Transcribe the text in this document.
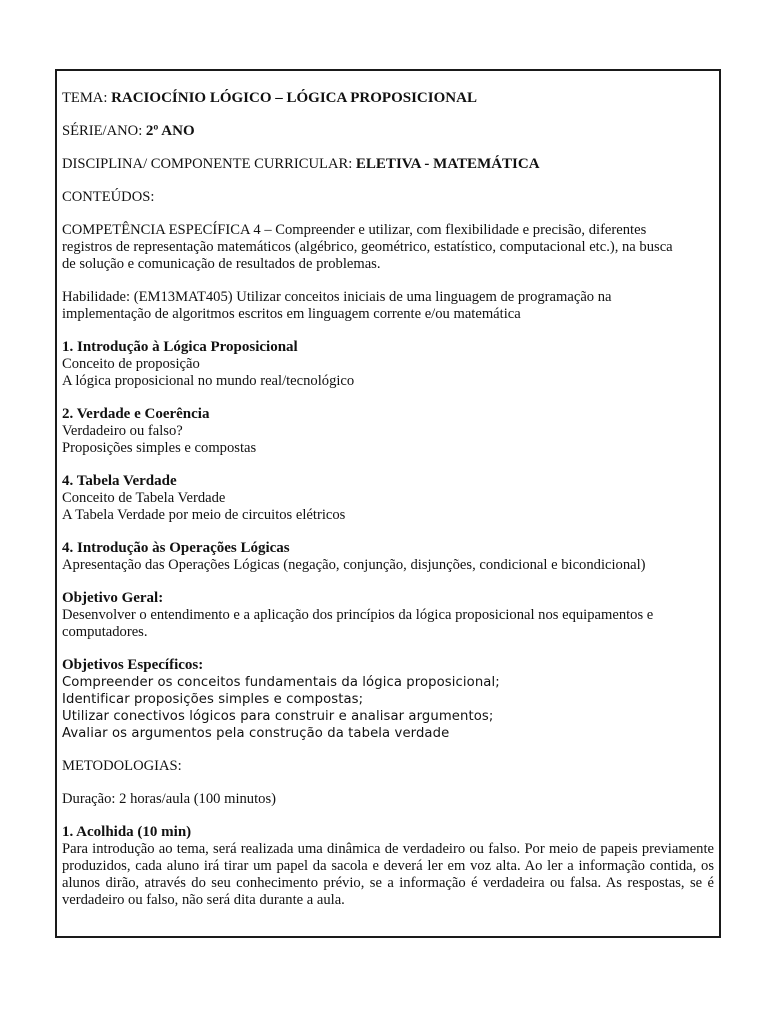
TEMA: RACIOCÍNIO LÓGICO – LÓGICA PROPOSICIONAL

SÉRIE/ANO: 2º ANO

DISCIPLINA/ COMPONENTE CURRICULAR: ELETIVA - MATEMÁTICA

CONTEÚDOS:

COMPETÊNCIA ESPECÍFICA 4 – Compreender e utilizar, com flexibilidade e precisão, diferentes
registros de representação matemáticos (algébrico, geométrico, estatístico, computacional etc.), na busca
de solução e comunicação de resultados de problemas.

Habilidade: (EM13MAT405) Utilizar conceitos iniciais de uma linguagem de programação na
implementação de algoritmos escritos em linguagem corrente e/ou matemática

1. Introdução à Lógica Proposicional
Conceito de proposição
A lógica proposicional no mundo real/tecnológico

2. Verdade e Coerência
Verdadeiro ou falso?
Proposições simples e compostas

4. Tabela Verdade
Conceito de Tabela Verdade
A Tabela Verdade por meio de circuitos elétricos

4. Introdução às Operações Lógicas
Apresentação das Operações Lógicas (negação, conjunção, disjunções, condicional e bicondicional)

Objetivo Geral:
Desenvolver o entendimento e a aplicação dos princípios da lógica proposicional nos equipamentos e
computadores.

Objetivos Específicos:
Compreender os conceitos fundamentais da lógica proposicional;
Identificar proposições simples e compostas;
Utilizar conectivos lógicos para construir e analisar argumentos;
Avaliar os argumentos pela construção da tabela verdade

METODOLOGIAS:

Duração: 2 horas/aula (100 minutos)

1. Acolhida (10 min)
Para introdução ao tema, será realizada uma dinâmica de verdadeiro ou falso. Por meio de papeis previamente produzidos, cada aluno irá tirar um papel da sacola e deverá ler em voz alta. Ao ler a informação contida, os alunos dirão, através do seu conhecimento prévio, se a informação é verdadeira ou falsa. As respostas, se é verdadeiro ou falso, não será dita durante a aula.
